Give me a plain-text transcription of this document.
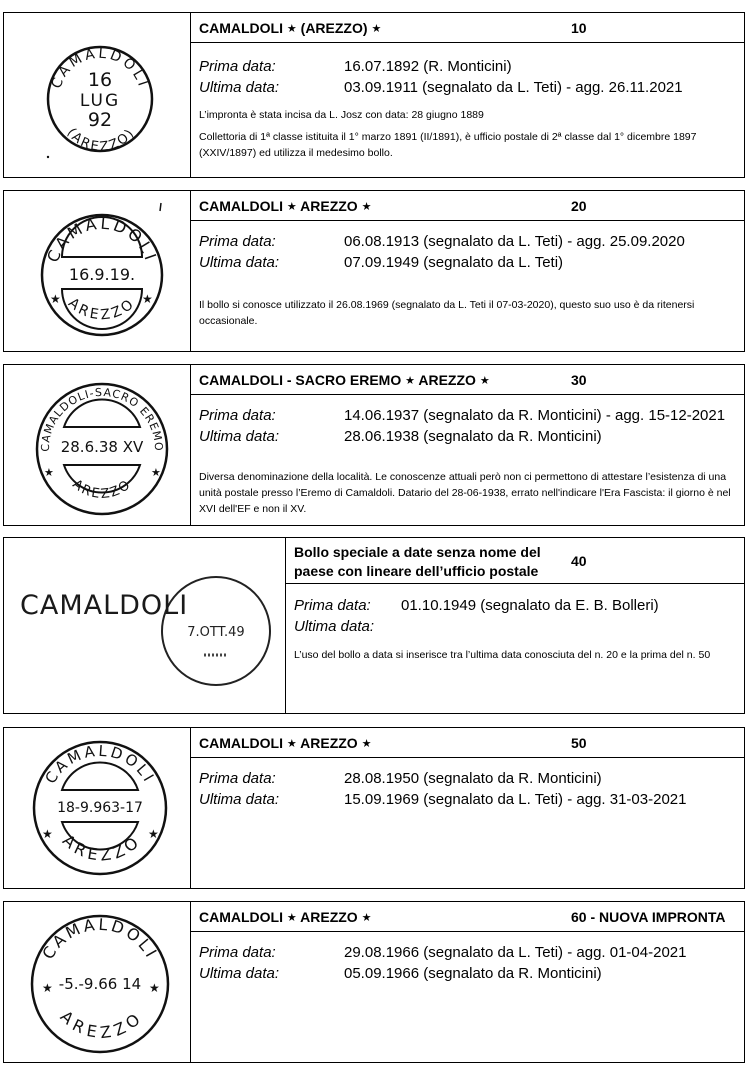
CAMALDOLI
(AREZZO)
16
LUG
92
CAMALDOLI ★ (AREZZO) ★	10
Prima data:	16.07.1892 (R. Monticini)
Ultima data:	03.09.1911 (segnalato da L. Teti) - agg. 26.11.2021

L’impronta è stata incisa da L. Josz con data: 28 giugno 1889

Collettoria di 1ª classe istituita il 1° marzo 1891 (II/1891), è ufficio postale di 2ª classe dal 1° dicembre 1897 (XXIV/1897) ed utilizza il medesimo bollo.

CAMALDOLI
AREZZO
16.9.19.
★	★
CAMALDOLI ★ AREZZO ★	20
Prima data:	06.08.1913 (segnalato da L. Teti) - agg. 25.09.2020
Ultima data:	07.09.1949 (segnalato da L. Teti)

Il bollo si conosce utilizzato il 26.08.1969 (segnalato da L. Teti il 07-03-2020), questo suo uso è da ritenersi occasionale.

CAMALDOLI-SACRO EREMO
AREZZO
28.6.38 XV
★	★
CAMALDOLI - SACRO EREMO ★ AREZZO ★	30
Prima data:	14.06.1937 (segnalato da R. Monticini) - agg. 15-12-2021
Ultima data:	28.06.1938 (segnalato da R. Monticini)

Diversa denominazione della località. Le conoscenze attuali però non ci permettono di attestare l’esistenza di una unità postale presso l’Eremo di Camaldoli. Datario del 28-06-1938, errato nell'indicare l'Era Fascista: il giorno è nel XVI dell'EF e non il XV.

CAMALDOLI
7.OTT.49
Bollo speciale a date senza nome del
paese con lineare dell’ufficio postale
40
Prima data: 01.10.1949 (segnalato da E. B. Bolleri)
Ultima data:

L’uso del bollo a data si inserisce tra l’ultima data conosciuta del n. 20 e la prima del n. 50

CAMALDOLI
AREZZO
18-9.963-17
★	★
CAMALDOLI ★ AREZZO ★	50
Prima data:	28.08.1950 (segnalato da R. Monticini)
Ultima data:	15.09.1969 (segnalato da L. Teti) - agg. 31-03-2021
CAMALDOLI
AREZZO
-5.-9.66 14
★	★
CAMALDOLI ★ AREZZO ★	60 - NUOVA IMPRONTA
Prima data:	29.08.1966 (segnalato da L. Teti) - agg. 01-04-2021
Ultima data:	05.09.1966 (segnalato da R. Monticini)
